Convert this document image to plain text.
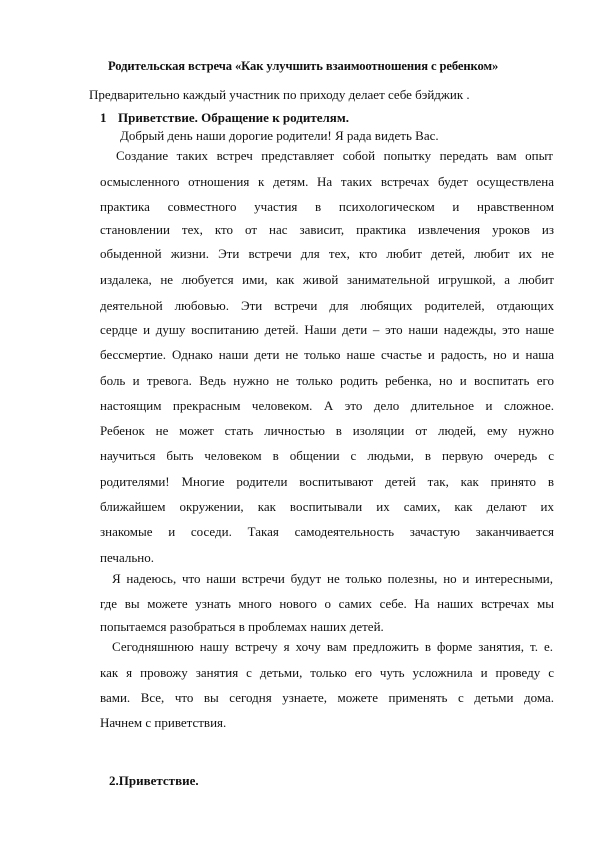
Родительская встреча «Как улучшить взаимоотношения с ребенком»
Предварительно каждый участник по приходу делает себе бэйджик .
1 Приветствие. Обращение к родителям.
Добрый день наши дорогие родители! Я рада видеть Вас.
Создание таких встреч представляет собой попытку передать вам опыт
осмысленного отношения к детям. На таких встречах будет осуществлена
практика совместного участия в психологическом и нравственном
становлении тех, кто от нас зависит, практика извлечения уроков из
обыденной жизни. Эти встречи для тех, кто любит детей, любит их не
издалека, не любуется ими, как живой занимательной игрушкой, а любит
деятельной любовью. Эти встречи для любящих родителей, отдающих
сердце и душу воспитанию детей. Наши дети – это наши надежды, это наше
бессмертие. Однако наши дети не только наше счастье и радость, но и наша
боль и тревога. Ведь нужно не только родить ребенка, но и воспитать его
настоящим прекрасным человеком. А это дело длительное и сложное.
Ребенок не может стать личностью в изоляции от людей, ему нужно
научиться быть человеком в общении с людьми, в первую очередь с
родителями! Многие родители воспитывают детей так, как принято в
ближайшем окружении, как воспитывали их самих, как делают их
знакомые и соседи. Такая самодеятельность зачастую заканчивается
печально.
Я надеюсь, что наши встречи будут не только полезны, но и интересными,
где вы можете узнать много нового о самих себе. На наших встречах мы
попытаемся разобраться в проблемах наших детей.
Сегодняшнюю нашу встречу я хочу вам предложить в форме занятия, т. е.
как я провожу занятия с детьми, только его чуть усложнила и проведу с
вами. Все, что вы сегодня узнаете, можете применять с детьми дома.
Начнем с приветствия.
2.Приветствие.
